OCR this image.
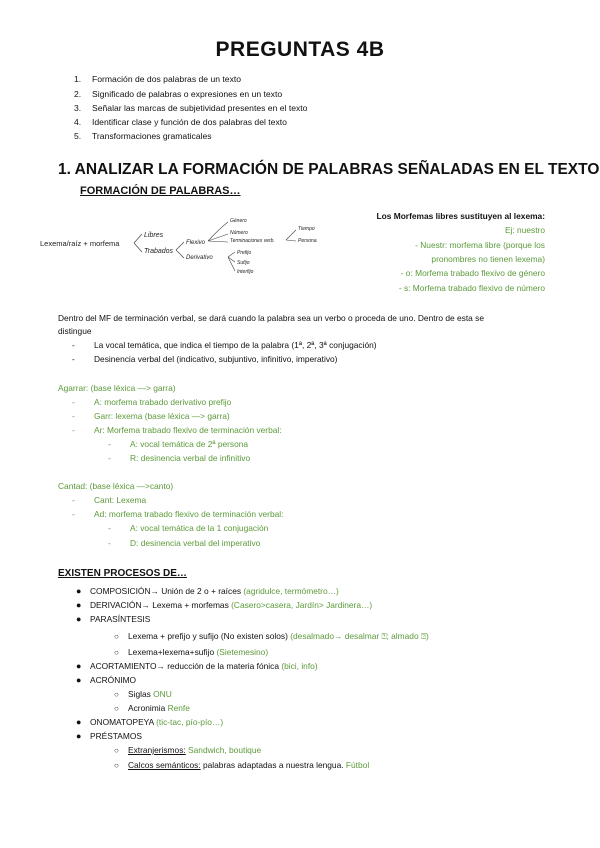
PREGUNTAS 4B
1. Formación de dos palabras de un texto
2. Significado de palabras o expresiones en un texto
3. Señalar las marcas de subjetividad presentes en el texto
4. Identificar clase y función de dos palabras del texto
5. Transformaciones gramaticales
1. ANALIZAR LA FORMACIÓN DE PALABRAS SEÑALADAS EN EL TEXTO
FORMACIÓN DE PALABRAS…
Lexema/raíz + morfema
Libres
Trabados
Flexivo
Derivativo
Género
Número
Terminaciones verb.
Tiempo
Persona
Prefijo
Sufijo
Interfijo
Los Morfemas libres sustituyen al lexema:
Ej: nuestro
- Nuestr: morfema libre (porque los
pronombres no tienen lexema)
- o: Morfema trabado flexivo de género
- s: Morfema trabado flexivo de número
Dentro del MF de terminación verbal, se dará cuando la palabra sea un verbo o proceda de uno. Dentro de esta se
distingue
- La vocal temática, que indica el tiempo de la palabra (1ª, 2ª, 3ª conjugación)
- Desinencia verbal del (indicativo, subjuntivo, infinitivo, imperativo)
Agarrar: (base léxica —> garra)
- A: morfema trabado derivativo prefijo
- Garr: lexema (base léxica —> garra)
- Ar: Morfema trabado flexivo de terminación verbal:
- A: vocal temática de 2ª persona
- R: desinencia verbal de infinitivo
Cantad: (base léxica —>canto)
- Cant: Lexema
- Ad: morfema trabado flexivo de terminación verbal:
- A: vocal temática de la 1 conjugación
- D: desinencia verbal del imperativo
EXISTEN PROCESOS DE…
● COMPOSICIÓN→ Unión de 2 o + raíces (agridulce, termómetro…)
● DERIVACIÓN→ Lexema + morfemas (Casero>casera, Jardín> Jardinera…)
● PARASÍNTESIS
○ Lexema + prefijo y sufijo (No existen solos) (desalmado→ desalmar ⍰; almado ⍰)
○ Lexema+lexema+sufijo (Sietemesino)
● ACORTAMIENTO→ reducción de la materia fónica (bici, info)
● ACRÓNIMO
○ Siglas ONU
○ Acronimia Renfe
● ONOMATOPEYA (tic-tac, pío-pío…)
● PRÉSTAMOS
○ Extranjerismos: Sandwich, boutique
○ Calcos semánticos: palabras adaptadas a nuestra lengua. Fútbol
